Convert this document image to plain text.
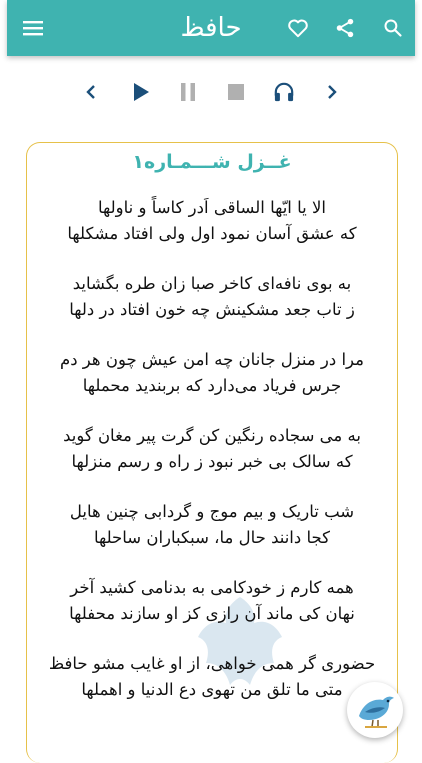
حافظ
غــزل شـــمـاره۱
الا یا ایّها الساقی اَدر کاساً و ناولها
که عشق آسان نمود اول ولی افتاد مشکلها
به بوی نافه‌ای کاخر صبا زان طره بگشاید
ز تاب جعد مشکینش چه خون افتاد در دلها
مرا در منزل جانان چه امن عیش چون هر دم
جرس فریاد می‌دارد که بربندید محملها
به می سجاده رنگین کن گرت پیر مغان گوید
که سالک بی خبر نبود ز راه و رسم منزلها
شب تاریک و بیم موج و گردابی چنین هایل
کجا دانند حال ما، سبکباران ساحلها
همه کارم ز خودکامی به بدنامی کشید آخر
نهان کی ماند آن رازی کز او سازند محفلها
حضوری گر همی خواهی، از او غایب مشو حافظ
متی ما تلق من تهوی دع الدنیا و اهملها
